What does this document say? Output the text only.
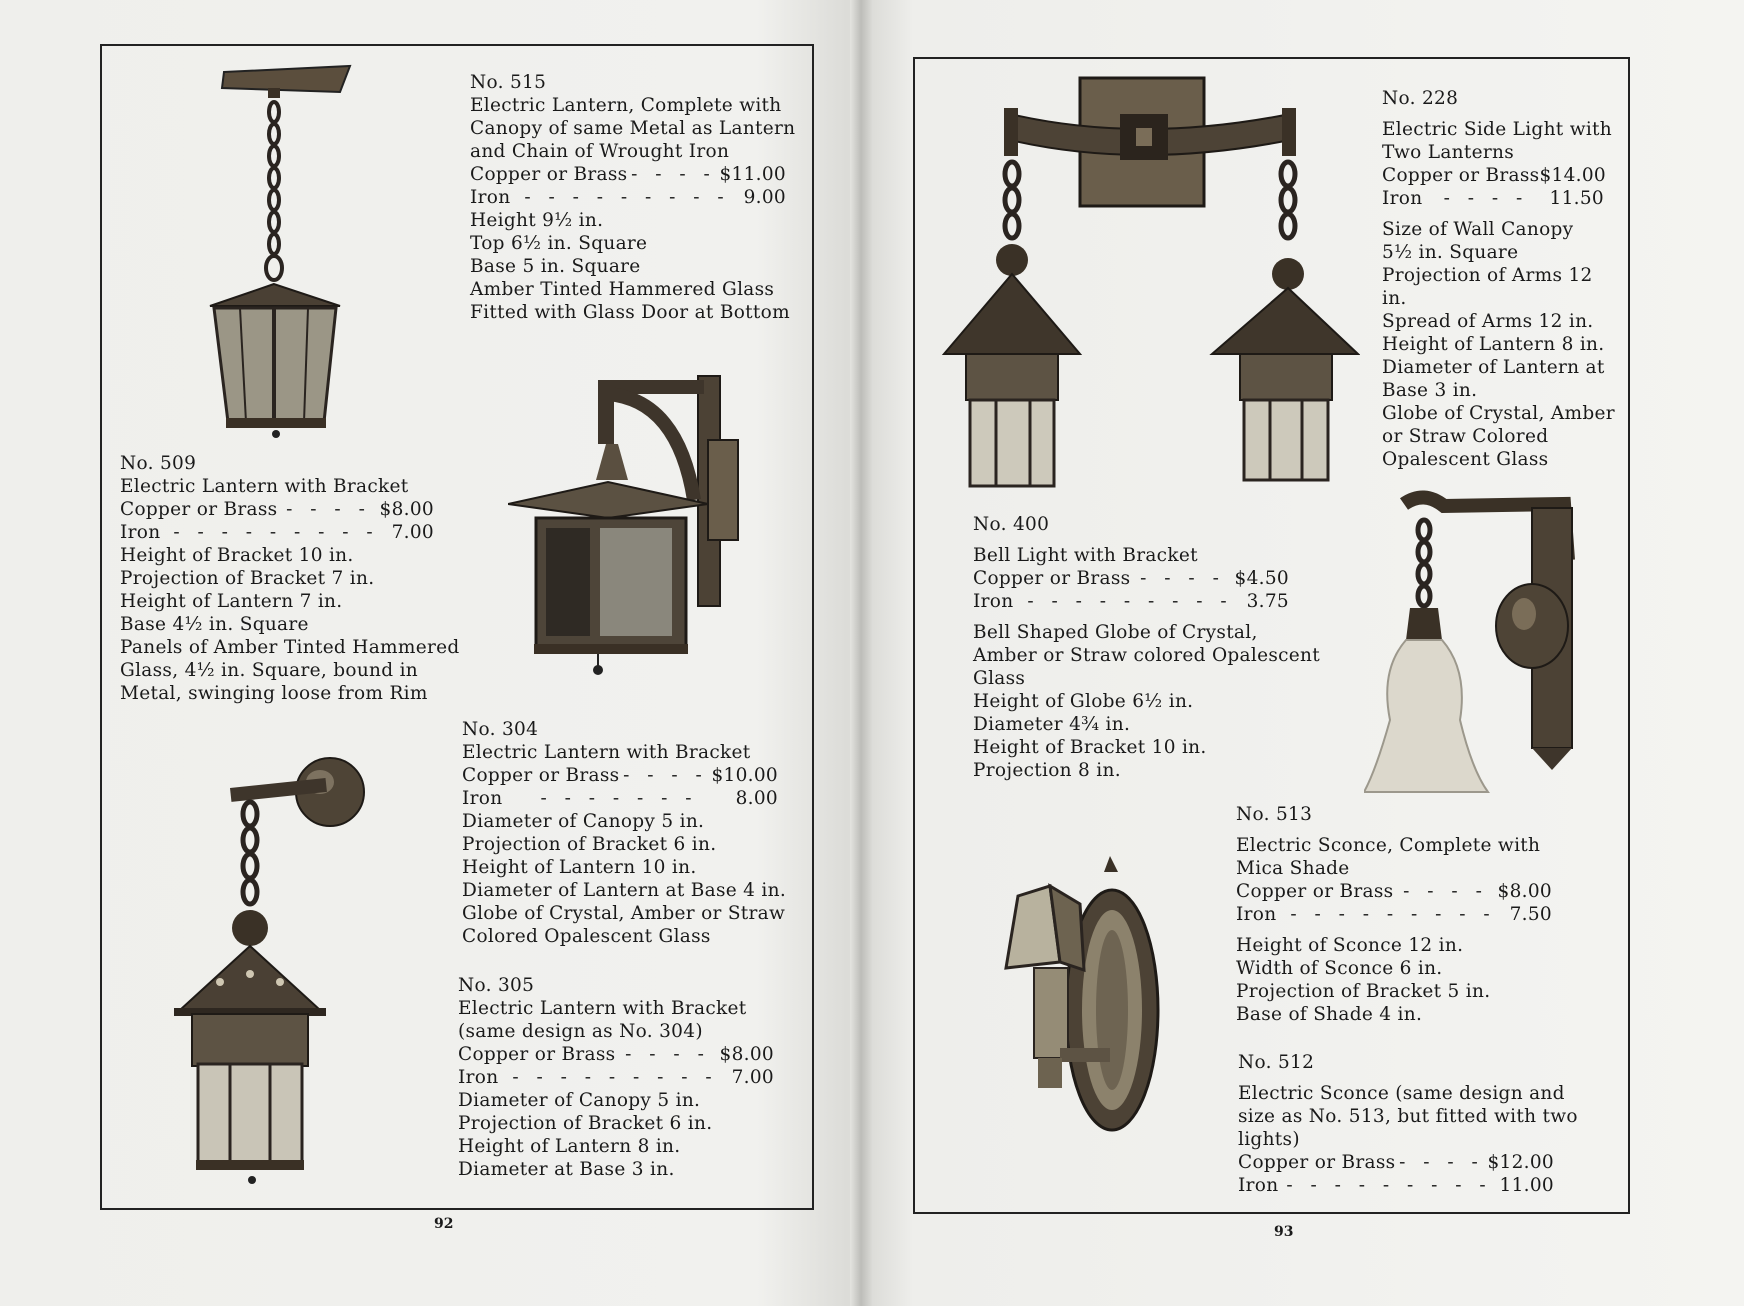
No. 515
Electric Lantern, Complete with
Canopy of same Metal as Lantern
and Chain of Wrought Iron
Copper or Brass - - - - $11.00
Iron - - - - - - - - - 9.00
Height 9½ in.
Top 6½ in. Square
Base 5 in. Square
Amber Tinted Hammered Glass
Fitted with Glass Door at Bottom
No. 509
Electric Lantern with Bracket
Copper or Brass - - - - $8.00
Iron - - - - - - - - - 7.00
Height of Bracket 10 in.
Projection of Bracket 7 in.
Height of Lantern 7 in.
Base 4½ in. Square
Panels of Amber Tinted Hammered
Glass, 4½ in. Square, bound in
Metal, swinging loose from Rim
No. 304
Electric Lantern with Bracket
Copper or Brass - - - - $10.00
Iron	- - - - - - -	8.00
Diameter of Canopy 5 in.
Projection of Bracket 6 in.
Height of Lantern 10 in.
Diameter of Lantern at Base 4 in.
Globe of Crystal, Amber or Straw
Colored Opalescent Glass
No. 305
Electric Lantern with Bracket
(same design as No. 304)
Copper or Brass - - - - $8.00
Iron - - - - - - - - - 7.00
Diameter of Canopy 5 in.
Projection of Bracket 6 in.
Height of Lantern 8 in.
Diameter at Base 3 in.
92
No. 228
Electric Side Light with
Two Lanterns
Copper or Brass $14.00
Iron	- - - -	11.50
Size of Wall Canopy
5½ in. Square
Projection of Arms 12
in.
Spread of Arms 12 in.
Height of Lantern 8 in.
Diameter of Lantern at
Base 3 in.
Globe of Crystal, Amber
or Straw Colored
Opalescent Glass
No. 400
Bell Light with Bracket
Copper or Brass - - - - $4.50
Iron - - - - - - - - - 3.75
Bell Shaped Globe of Crystal,
Amber or Straw colored Opalescent
Glass
Height of Globe 6½ in.
Diameter 4¾ in.
Height of Bracket 10 in.
Projection 8 in.
No. 513
Electric Sconce, Complete with
Mica Shade
Copper or Brass - - - - $8.00
Iron - - - - - - - - - 7.50
Height of Sconce 12 in.
Width of Sconce 6 in.
Projection of Bracket 5 in.
Base of Shade 4 in.
No. 512
Electric Sconce (same design and
size as No. 513, but fitted with two
lights)
Copper or Brass - - - - $12.00
Iron - - - - - - - - - 11.00
93
